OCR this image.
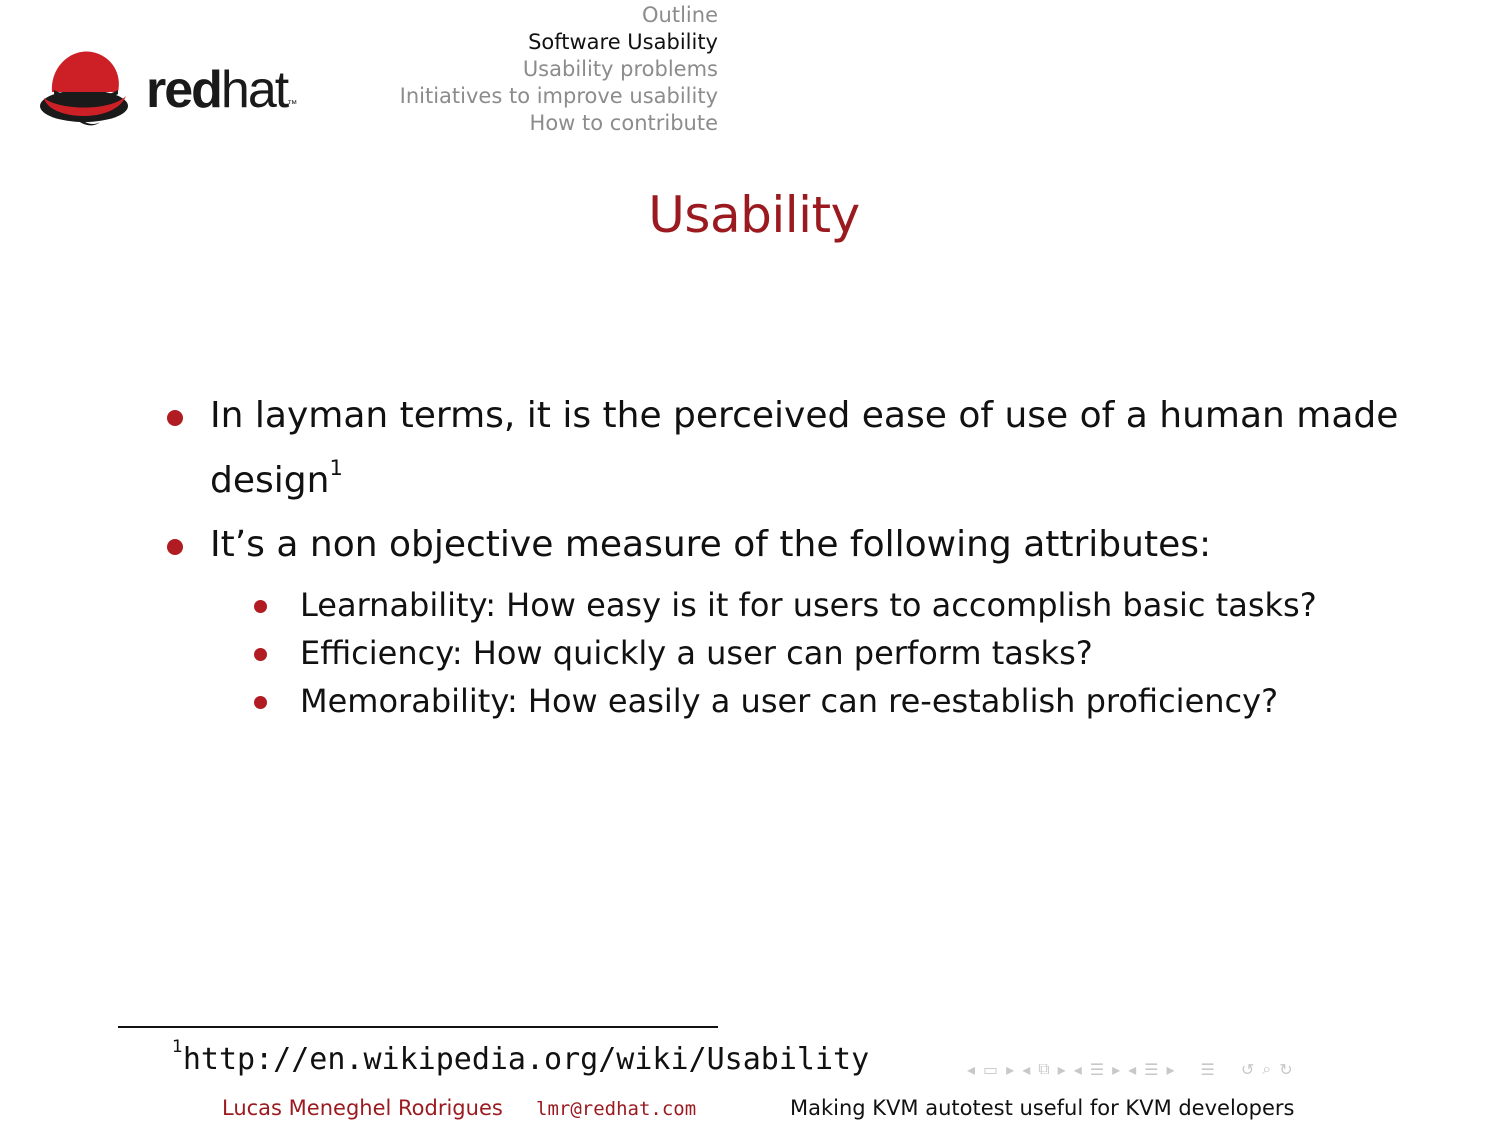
redhat™
Outline
Software Usability
Usability problems
Initiatives to improve usability
How to contribute
Usability
In layman terms, it is the perceived ease of use of a human made design$^1$
It’s a non objective measure of the following attributes:
Learnability: How easy is it for users to accomplish basic tasks?
Efficiency: How quickly a user can perform tasks?
Memorability: How easily a user can re-establish proficiency?
$^1$http://en.wikipedia.org/wiki/Usability	◂ ▭ ▸ ◂ ⧉ ▸ ◂ ☰ ▸ ◂ ☰ ▸ ☰ ↺ ⌕ ↻
Lucas Meneghel Rodrigues lmr@redhat.com	Making KVM autotest useful for KVM developers
